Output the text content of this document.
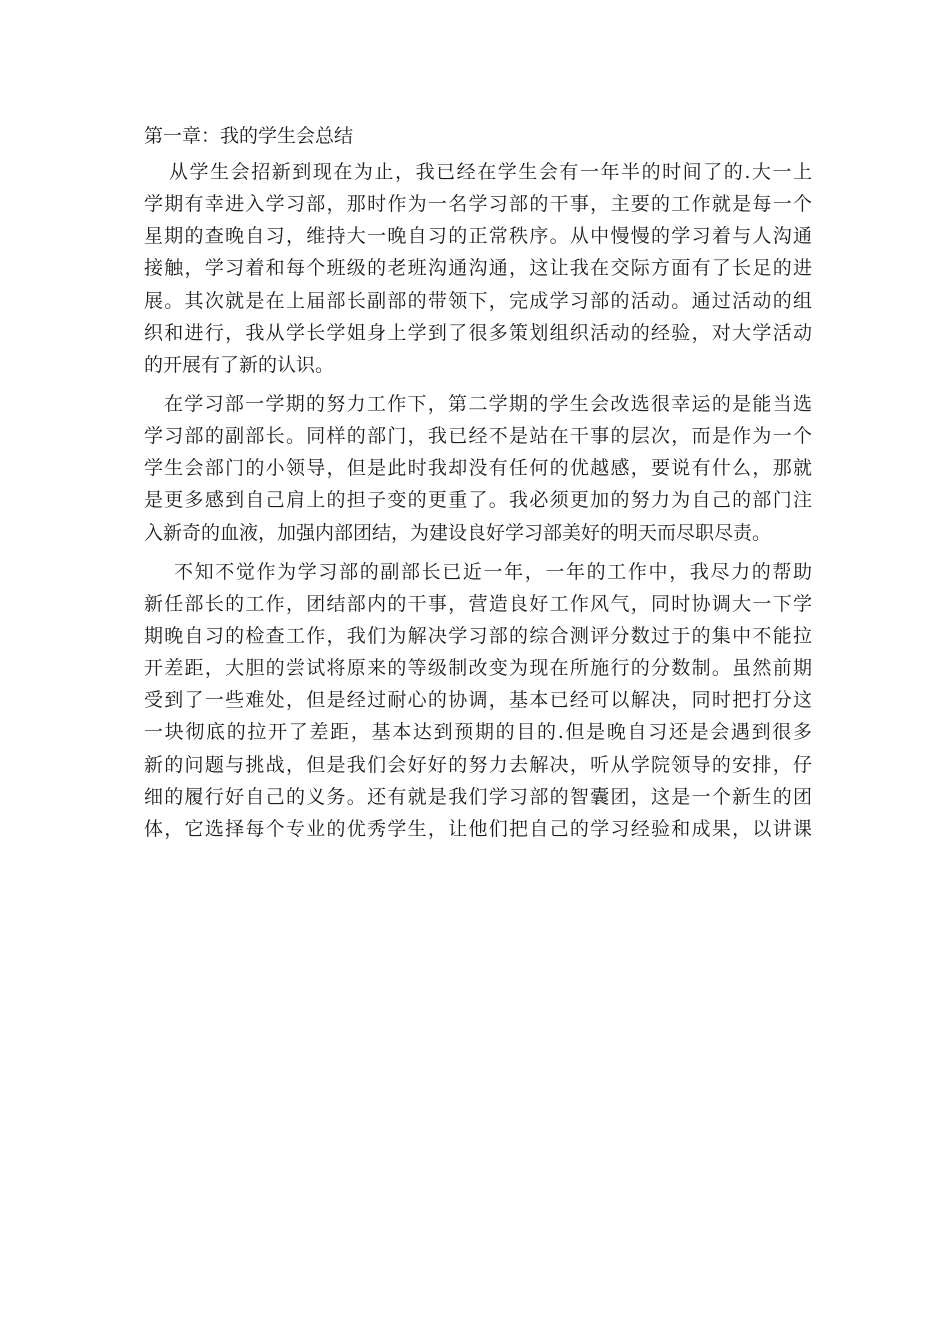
第一章：我的学生会总结
从学生会招新到现在为止，我已经在学生会有一年半的时间了的.大一上
学期有幸进入学习部，那时作为一名学习部的干事，主要的工作就是每一个
星期的查晚自习，维持大一晚自习的正常秩序。从中慢慢的学习着与人沟通
接触，学习着和每个班级的老班沟通沟通，这让我在交际方面有了长足的进
展。其次就是在上届部长副部的带领下，完成学习部的活动。通过活动的组
织和进行，我从学长学姐身上学到了很多策划组织活动的经验，对大学活动
的开展有了新的认识。
在学习部一学期的努力工作下，第二学期的学生会改选很幸运的是能当选
学习部的副部长。同样的部门，我已经不是站在干事的层次，而是作为一个
学生会部门的小领导，但是此时我却没有任何的优越感，要说有什么，那就
是更多感到自己肩上的担子变的更重了。我必须更加的努力为自己的部门注
入新奇的血液，加强内部团结，为建设良好学习部美好的明天而尽职尽责。
不知不觉作为学习部的副部长已近一年，一年的工作中，我尽力的帮助
新任部长的工作，团结部内的干事，营造良好工作风气，同时协调大一下学
期晚自习的检查工作，我们为解决学习部的综合测评分数过于的集中不能拉
开差距，大胆的尝试将原来的等级制改变为现在所施行的分数制。虽然前期
受到了一些难处，但是经过耐心的协调，基本已经可以解决，同时把打分这
一块彻底的拉开了差距，基本达到预期的目的.但是晚自习还是会遇到很多
新的问题与挑战，但是我们会好好的努力去解决，听从学院领导的安排，仔
细的履行好自己的义务。还有就是我们学习部的智囊团，这是一个新生的团
体，它选择每个专业的优秀学生，让他们把自己的学习经验和成果，以讲课
